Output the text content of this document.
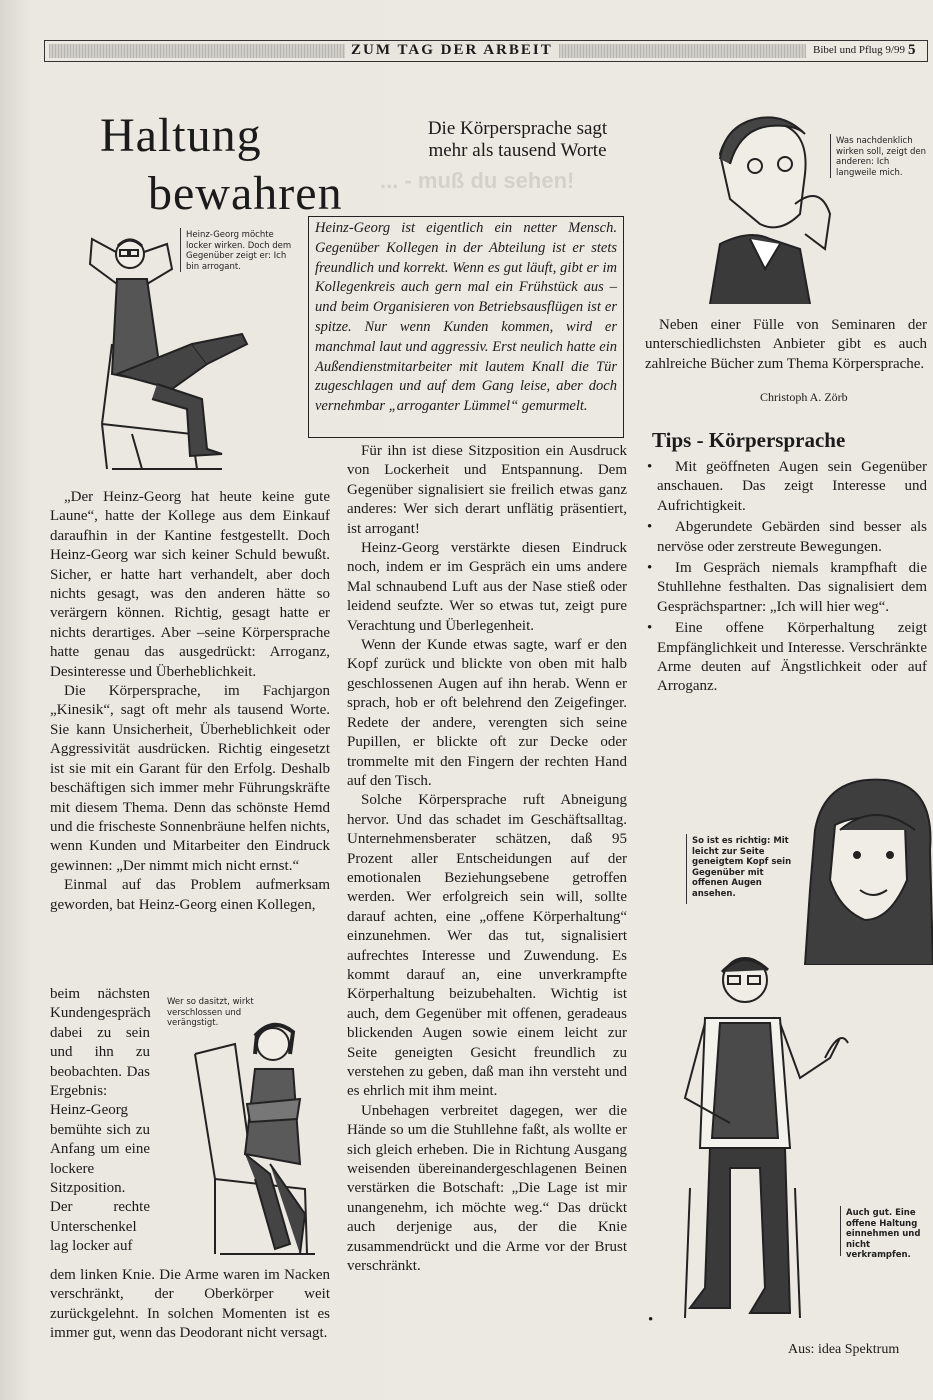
... - muß du sehen!
ZUM TAG DER ARBEIT	Bibel und Pflug 9/99 5
Haltung
bewahren
Die Körpersprache sagt mehr als tausend Worte
Heinz-Georg ist eigentlich ein netter Mensch. Gegenüber Kollegen in der Abteilung ist er stets freundlich und korrekt. Wenn es gut läuft, gibt er im Kollegenkreis auch gern mal ein Frühstück aus – und beim Organisieren von Betriebsausflügen ist er spitze. Nur wenn Kunden kommen, wird er manchmal laut und aggressiv. Erst neulich hatte ein Außendienstmitarbeiter mit lautem Knall die Tür zugeschlagen und auf dem Gang leise, aber doch vernehmbar „arroganter Lümmel“ gemurmelt.
Heinz-Georg möchte locker wirken. Doch dem Gegenüber zeigt er: Ich bin arrogant.

„Der Heinz-Georg hat heute keine gute Laune“, hatte der Kollege aus dem Einkauf daraufhin in der Kantine festgestellt. Doch Heinz-Georg war sich keiner Schuld bewußt. Sicher, er hatte hart verhandelt, aber doch nichts gesagt, was den anderen hätte so verärgern können. Richtig, gesagt hatte er nichts derartiges. Aber –seine Körpersprache hatte genau das ausgedrückt: Arroganz, Desinteresse und Überheblichkeit.

Die Körpersprache, im Fachjargon „Kinesik“, sagt oft mehr als tausend Worte. Sie kann Unsicherheit, Überheblichkeit oder Aggressivität ausdrücken. Richtig eingesetzt ist sie mit ein Garant für den Erfolg. Deshalb beschäftigen sich immer mehr Führungskräfte mit diesem Thema. Denn das schönste Hemd und die frischeste Sonnenbräune helfen nichts, wenn Kunden und Mitarbeiter den Eindruck gewinnen: „Der nimmt mich nicht ernst.“

Einmal auf das Problem aufmerksam geworden, bat Heinz-Georg einen Kollegen,

beim nächsten Kundengespräch dabei zu sein und ihn zu beobachten. Das Ergebnis: Heinz-Georg bemühte sich zu Anfang um eine lockere Sitzposition. Der rechte Unterschenkel lag locker auf

dem linken Knie. Die Arme waren im Nacken verschränkt, der Oberkörper weit zurückgelehnt. In solchen Momenten ist es immer gut, wenn das Deodorant nicht versagt.

Wer so dasitzt, wirkt verschlossen und verängstigt.

Für ihn ist diese Sitzposition ein Ausdruck von Lockerheit und Entspannung. Dem Gegenüber signalisiert sie freilich etwas ganz anderes: Wer sich derart unflätig präsentiert, ist arrogant!

Heinz-Georg verstärkte diesen Eindruck noch, indem er im Gespräch ein ums andere Mal schnaubend Luft aus der Nase stieß oder leidend seufzte. Wer so etwas tut, zeigt pure Verachtung und Überlegenheit.

Wenn der Kunde etwas sagte, warf er den Kopf zurück und blickte von oben mit halb geschlossenen Augen auf ihn herab. Wenn er sprach, hob er oft belehrend den Zeigefinger. Redete der andere, verengten sich seine Pupillen, er blickte oft zur Decke oder trommelte mit den Fingern der rechten Hand auf den Tisch.

Solche Körpersprache ruft Abneigung hervor. Und das schadet im Geschäftsalltag. Unternehmensberater schätzen, daß 95 Prozent aller Entscheidungen auf der emotionalen Beziehungsebene getroffen werden. Wer erfolgreich sein will, sollte darauf achten, eine „offene Körperhaltung“ einzunehmen. Wer das tut, signalisiert aufrechtes Interesse und Zuwendung. Es kommt darauf an, eine unverkrampfte Körperhaltung beizubehalten. Wichtig ist auch, dem Gegenüber mit offenen, geradeaus blickenden Augen sowie einem leicht zur Seite geneigten Gesicht freundlich zu verstehen zu geben, daß man ihn versteht und es ehrlich mit ihm meint.

Unbehagen verbreitet dagegen, wer die Hände so um die Stuhllehne faßt, als wollte er sich gleich erheben. Die in Richtung Ausgang weisenden übereinandergeschlagenen Beinen verstärken die Botschaft: „Die Lage ist mir unangenehm, ich möchte weg.“ Das drückt auch derjenige aus, der die Knie zusammendrückt und die Arme vor der Brust verschränkt.

Was nachdenklich wirken soll, zeigt den anderen: Ich langweile mich.

Neben einer Fülle von Seminaren der unterschiedlichsten Anbieter gibt es auch zahlreiche Bücher zum Thema Körpersprache.

Christoph A. Zörb
Tips - Körpersprache
• Mit geöffneten Augen sein Gegenüber anschauen. Das zeigt Interesse und Aufrichtigkeit.
• Abgerundete Gebärden sind besser als nervöse oder zerstreute Bewegungen.
• Im Gespräch niemals krampfhaft die Stuhllehne festhalten. Das signalisiert dem Gesprächspartner: „Ich will hier weg“.
• Eine offene Körperhaltung zeigt Empfänglichkeit und Interesse. Verschränkte Arme deuten auf Ängstlichkeit oder auf Arroganz.
So ist es richtig: Mit leicht zur Seite geneigtem Kopf sein Gegenüber mit offenen Augen ansehen.
Auch gut. Eine offene Haltung einnehmen und nicht verkrampfen.
•
Aus: idea Spektrum
